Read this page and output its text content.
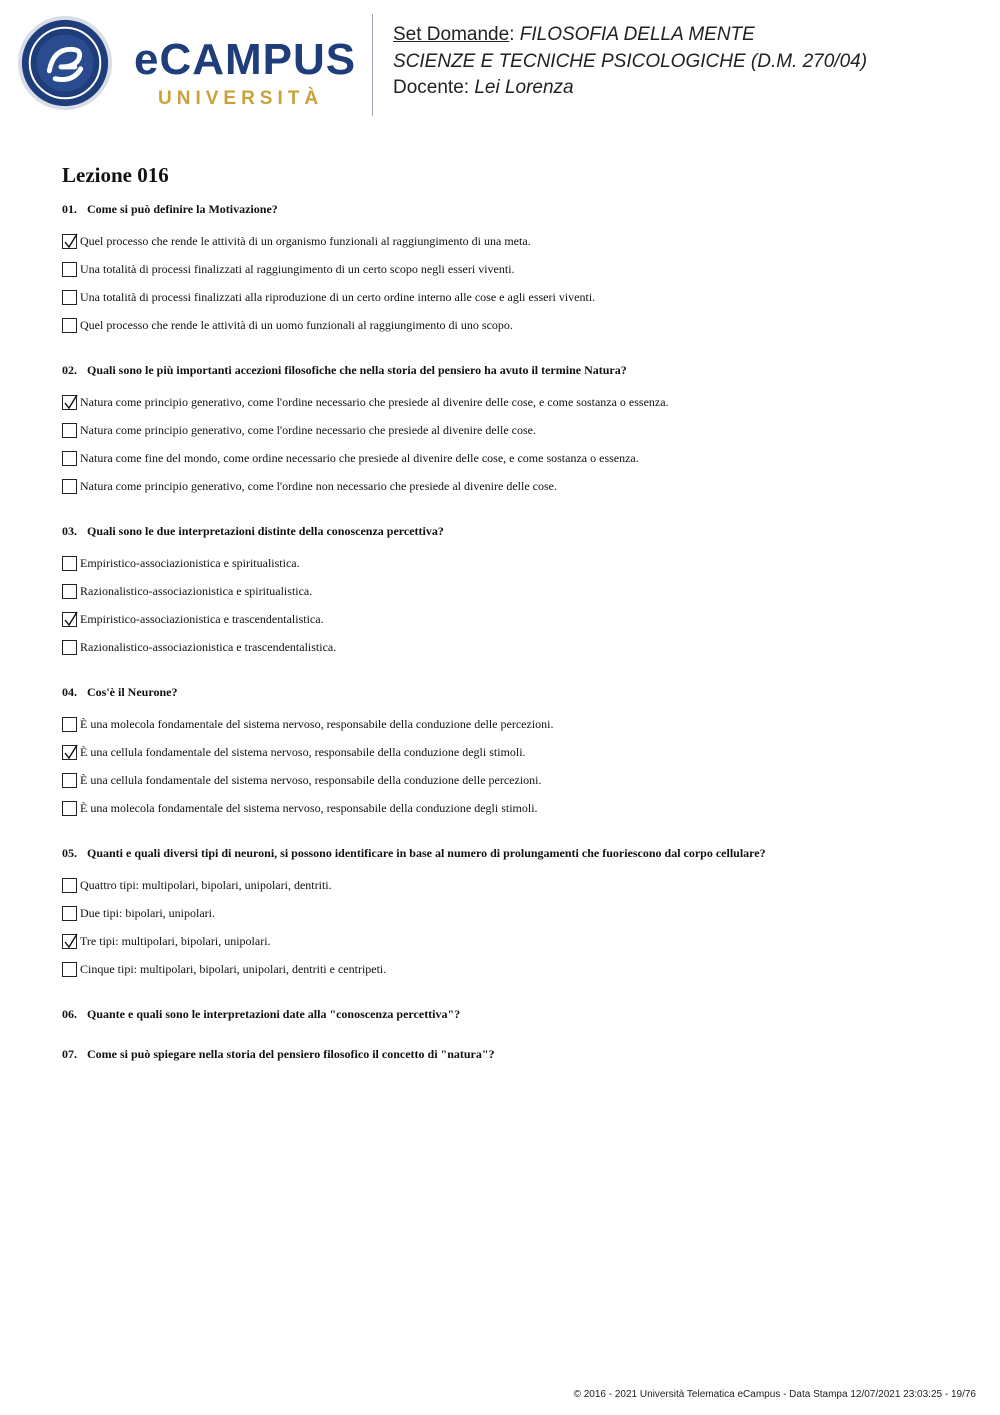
eCAMPUS
UNIVERSITÀ
Set Domande: FILOSOFIA DELLA MENTE
SCIENZE E TECNICHE PSICOLOGICHE (D.M. 270/04)
Docente: Lei Lorenza
Lezione 016
01. Come si può definire la Motivazione?
Quel processo che rende le attività di un organismo funzionali al raggiungimento di una meta.
Una totalità di processi finalizzati al raggiungimento di un certo scopo negli esseri viventi.
Una totalità di processi finalizzati alla riproduzione di un certo ordine interno alle cose e agli esseri viventi.
Quel processo che rende le attività di un uomo funzionali al raggiungimento di uno scopo.
02. Quali sono le più importanti accezioni filosofiche che nella storia del pensiero ha avuto il termine Natura?
Natura come principio generativo, come l'ordine necessario che presiede al divenire delle cose, e come sostanza o essenza.
Natura come principio generativo, come l'ordine necessario che presiede al divenire delle cose.
Natura come fine del mondo, come ordine necessario che presiede al divenire delle cose, e come sostanza o essenza.
Natura come principio generativo, come l'ordine non necessario che presiede al divenire delle cose.
03. Quali sono le due interpretazioni distinte della conoscenza percettiva?
Empiristico-associazionistica e spiritualistica.
Razionalistico-associazionistica e spiritualistica.
Empiristico-associazionistica e trascendentalistica.
Razionalistico-associazionistica e trascendentalistica.
04. Cos'è il Neurone?
È una molecola fondamentale del sistema nervoso, responsabile della conduzione delle percezioni.
È una cellula fondamentale del sistema nervoso, responsabile della conduzione degli stimoli.
È una cellula fondamentale del sistema nervoso, responsabile della conduzione delle percezioni.
È una molecola fondamentale del sistema nervoso, responsabile della conduzione degli stimoli.
05. Quanti e quali diversi tipi di neuroni, si possono identificare in base al numero di prolungamenti che fuoriescono dal corpo cellulare?
Quattro tipi: multipolari, bipolari, unipolari, dentriti.
Due tipi: bipolari, unipolari.
Tre tipi: multipolari, bipolari, unipolari.
Cinque tipi: multipolari, bipolari, unipolari, dentriti e centripeti.
06. Quante e quali sono le interpretazioni date alla "conoscenza percettiva"?
07. Come si può spiegare nella storia del pensiero filosofico il concetto di "natura"?
© 2016 - 2021 Università Telematica eCampus - Data Stampa 12/07/2021 23:03:25 - 19/76
